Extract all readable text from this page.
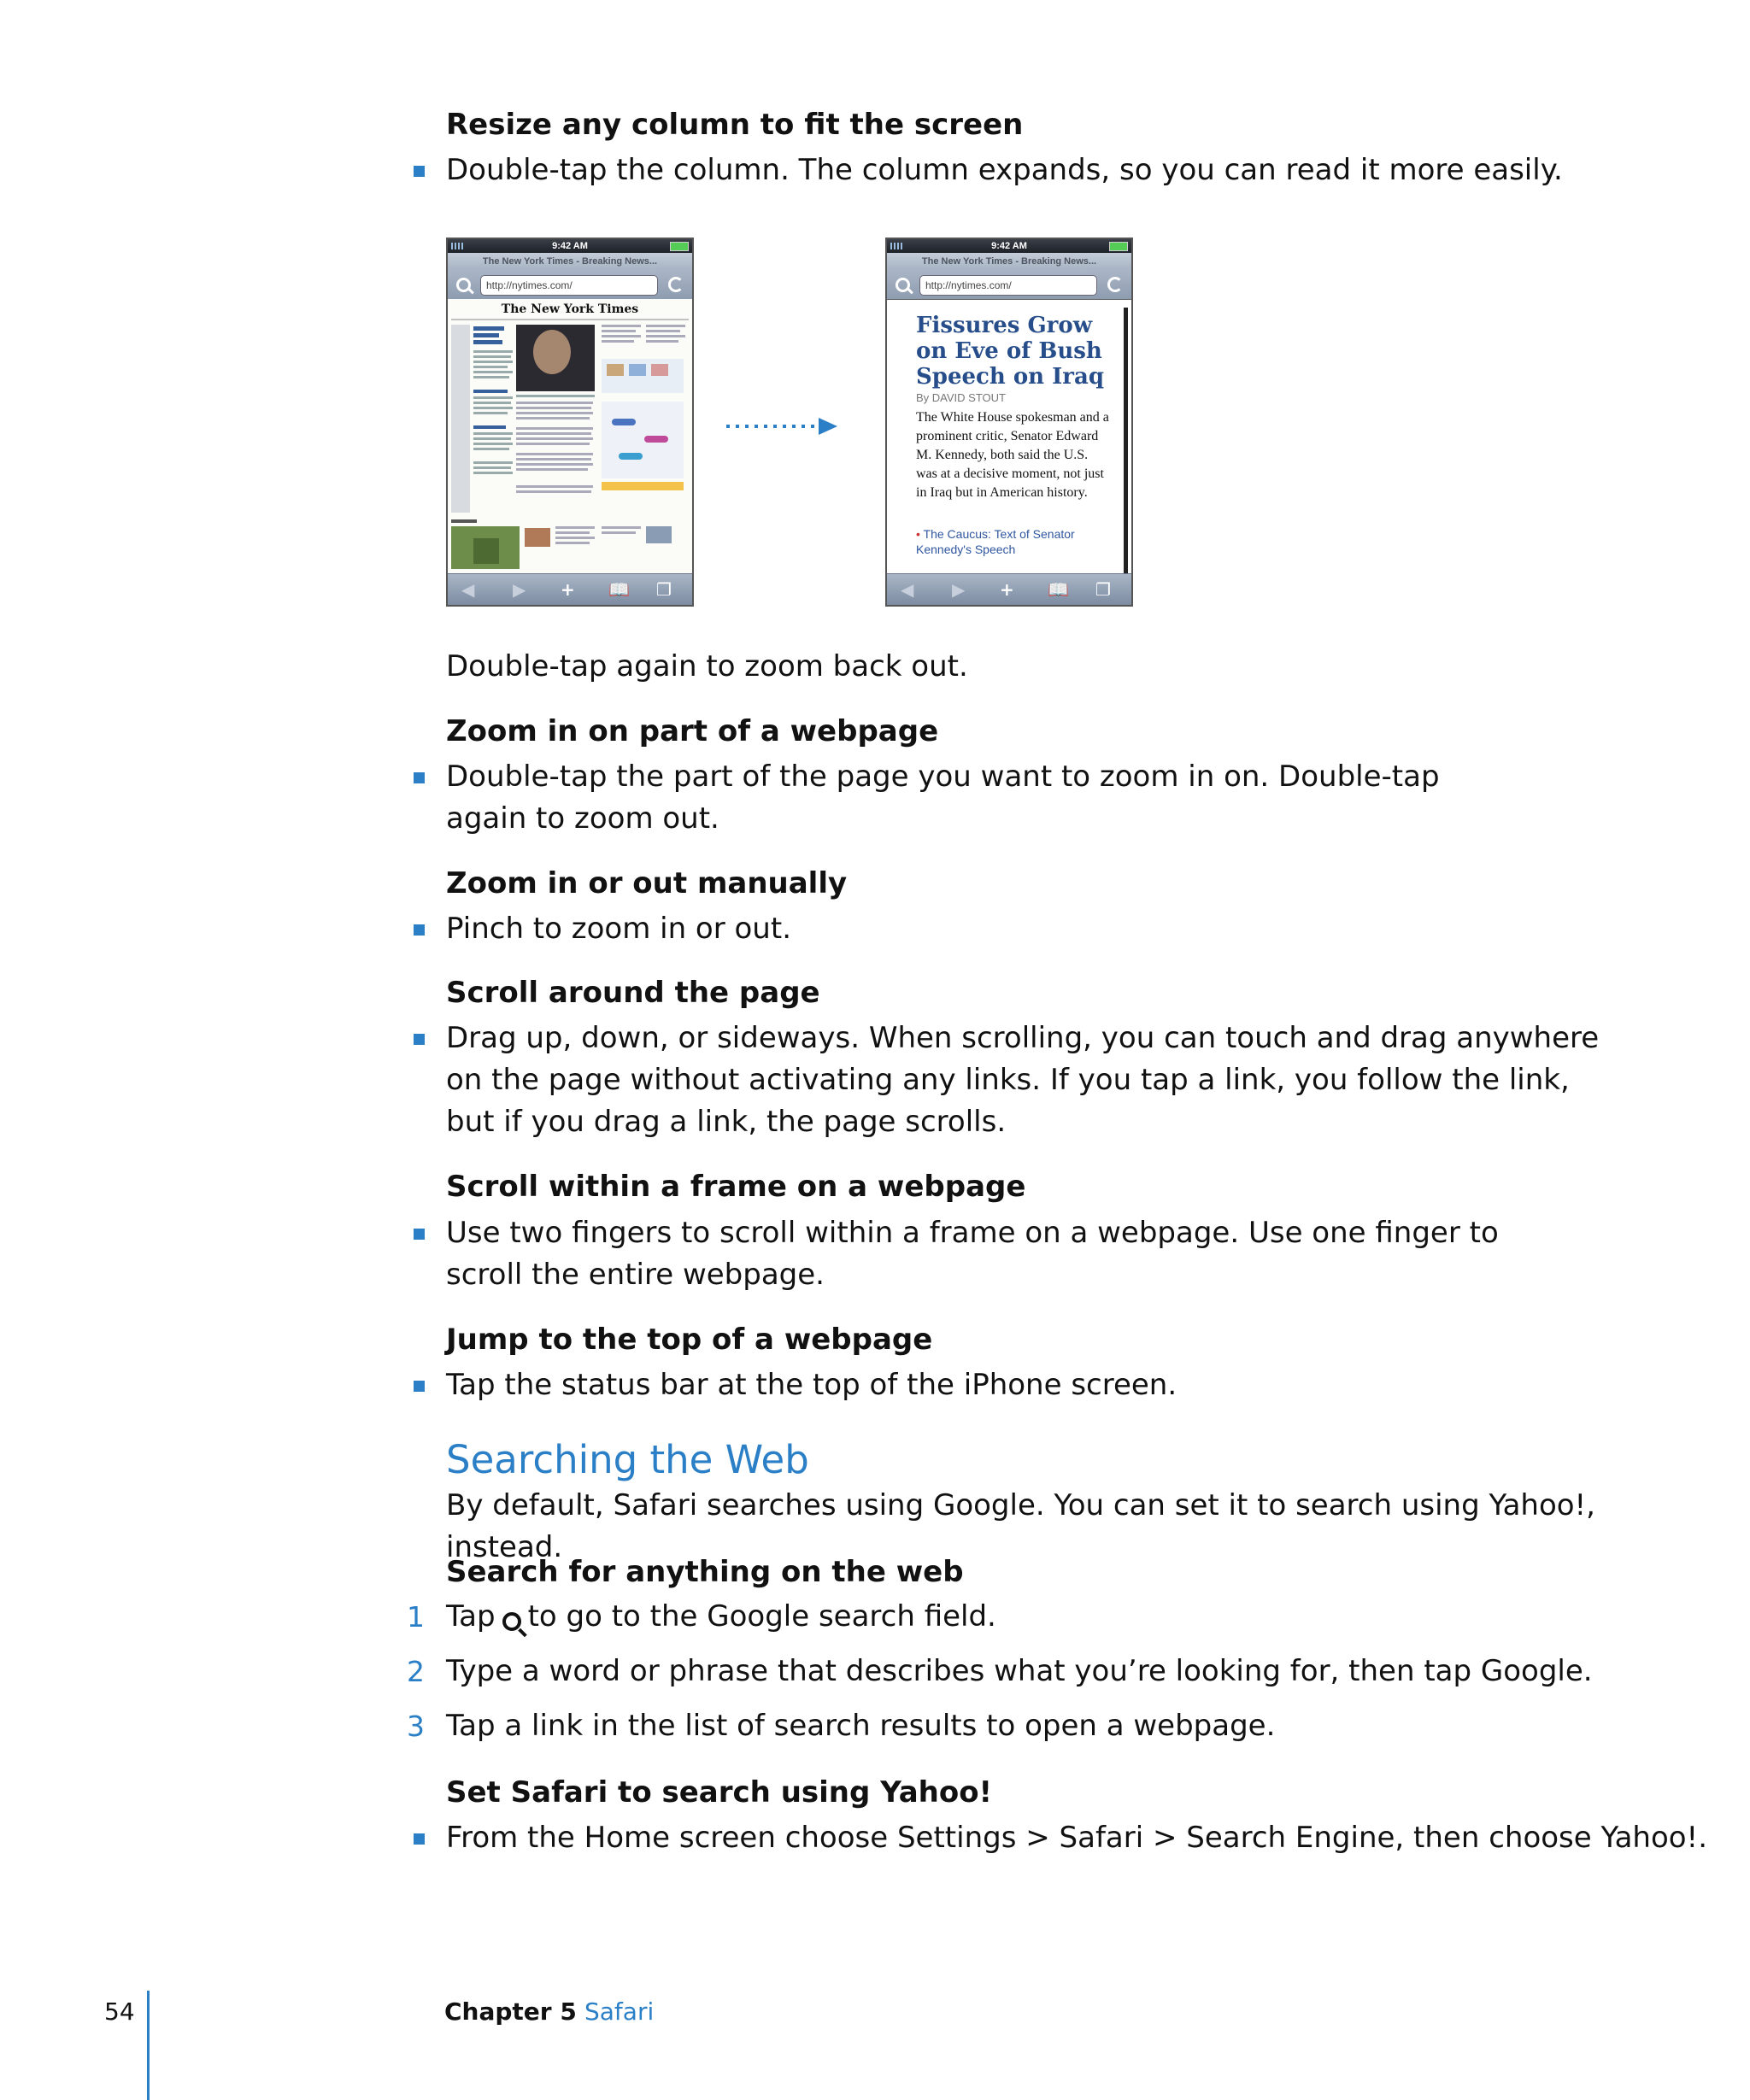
Resize any column to fit the screen
Double-tap the column. The column expands, so you can read it more easily.
9:42 AM
The New York Times - Breaking News...
http://nytimes.com/
The New York Times
◀ ▶ + 📖 ❐
9:42 AM
The New York Times - Breaking News...
http://nytimes.com/
Fissures Grow on Eve of Bush Speech on Iraq
By DAVID STOUT
The White House spokesman and a prominent critic, Senator Edward M. Kennedy, both said the U.S. was at a decisive moment, not just in Iraq but in American history.
• The Caucus: Text of Senator Kennedy's Speech
◀ ▶ + 📖 ❐
Double-tap again to zoom back out.
Zoom in on part of a webpage
Double-tap the part of the page you want to zoom in on. Double-tap again to zoom out.
Zoom in or out manually
Pinch to zoom in or out.
Scroll around the page
Drag up, down, or sideways. When scrolling, you can touch and drag anywhere on the page without activating any links. If you tap a link, you follow the link, but if you drag a link, the page scrolls.
Scroll within a frame on a webpage
Use two fingers to scroll within a frame on a webpage. Use one finger to scroll the entire webpage.
Jump to the top of a webpage
Tap the status bar at the top of the iPhone screen.
Searching the Web
By default, Safari searches using Google. You can set it to search using Yahoo!, instead.
Search for anything on the web
1 Tap to go to the Google search field.
2 Type a word or phrase that describes what you’re looking for, then tap Google.
3 Tap a link in the list of search results to open a webpage.
Set Safari to search using Yahoo!
From the Home screen choose Settings > Safari > Search Engine, then choose Yahoo!.
54	Chapter 5 Safari
